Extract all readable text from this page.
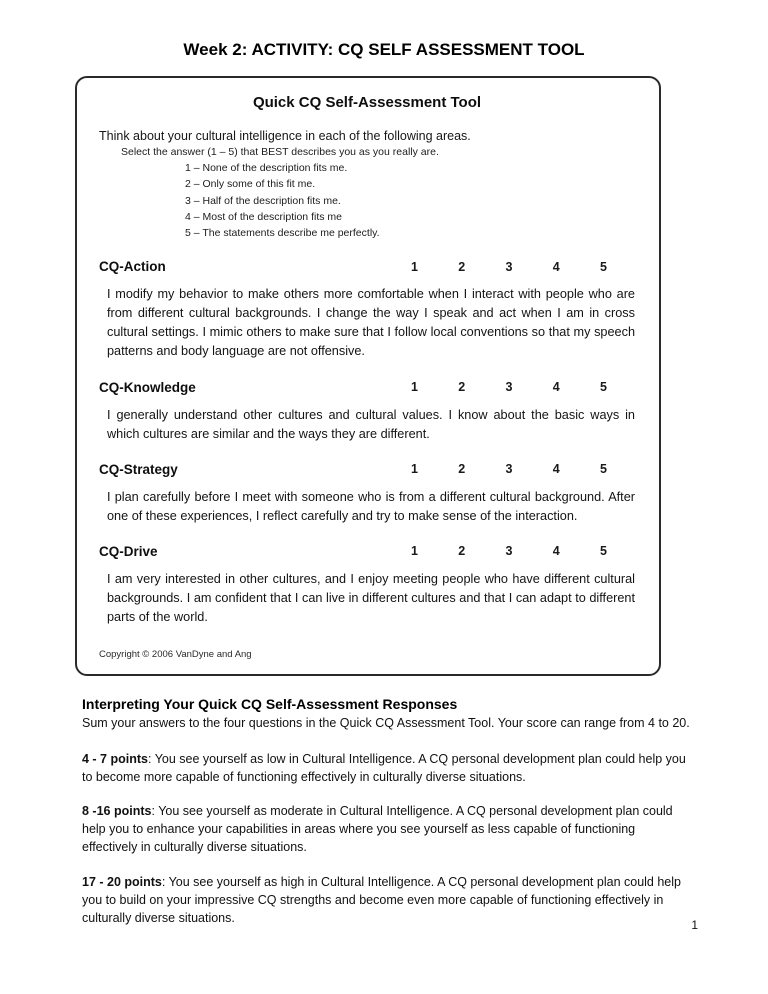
Week 2: ACTIVITY: CQ SELF ASSESSMENT TOOL
Quick CQ Self-Assessment Tool
Think about your cultural intelligence in each of the following areas.
Select the answer (1 – 5) that BEST describes you as you really are.
1 – None of the description fits me.
2 – Only some of this fit me.
3 – Half of the description fits me.
4 – Most of the description fits me
5 – The statements describe me perfectly.
CQ-Action	1	2	3	4	5

I modify my behavior to make others more comfortable when I interact with people who are from different cultural backgrounds. I change the way I speak and act when I am in cross cultural settings. I mimic others to make sure that I follow local conventions so that my speech patterns and body language are not offensive.

CQ-Knowledge	1	2	3	4	5

I generally understand other cultures and cultural values. I know about the basic ways in which cultures are similar and the ways they are different.

CQ-Strategy	1	2	3	4	5

I plan carefully before I meet with someone who is from a different cultural background. After one of these experiences, I reflect carefully and try to make sense of the interaction.

CQ-Drive	1	2	3	4	5

I am very interested in other cultures, and I enjoy meeting people who have different cultural backgrounds. I am confident that I can live in different cultures and that I can adapt to different parts of the world.

Copyright © 2006 VanDyne and Ang
Interpreting Your Quick CQ Self-Assessment Responses

Sum your answers to the four questions in the Quick CQ Assessment Tool. Your score can range from 4 to 20.

4 - 7 points: You see yourself as low in Cultural Intelligence. A CQ personal development plan could help you to become more capable of functioning effectively in culturally diverse situations.

8 -16 points: You see yourself as moderate in Cultural Intelligence. A CQ personal development plan could help you to enhance your capabilities in areas where you see yourself as less capable of functioning effectively in culturally diverse situations.

17 - 20 points: You see yourself as high in Cultural Intelligence. A CQ personal development plan could help you to build on your impressive CQ strengths and become even more capable of functioning effectively in culturally diverse situations.

1
